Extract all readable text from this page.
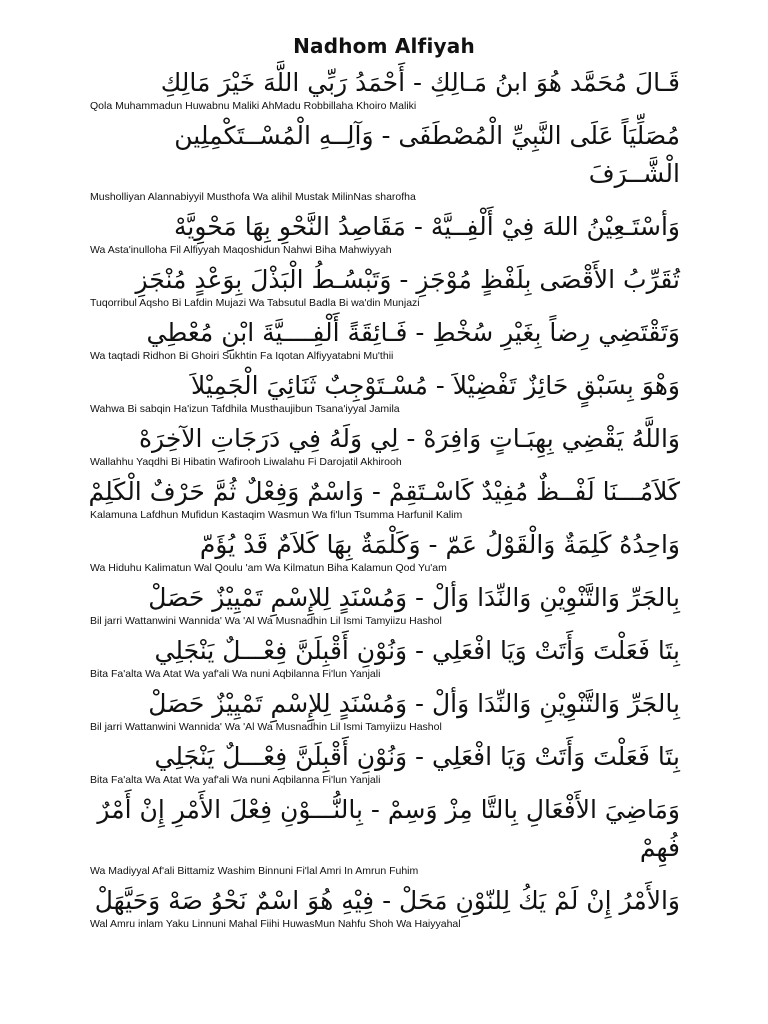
Nadhom Alfiyah

قَـالَ مُحَمَّد هُوَ ابنُ مَـالِكِ - أَحْمَدُ رَبِّي اللَّهَ خَيْرَ مَالِكِ

Qola Muhammadun Huwabnu Maliki AhMadu Robbillaha Khoiro Maliki

مُصَلِّيَاً عَلَى النَّبِيِّ الْمُصْطَفَى - وَآلِــهِ الْمُسْــتَكْمِلِين الْشَّــرَفَ

Musholliyan Alannabiyyil Musthofa Wa alihil Mustak MilinNas sharofha

وَأسْتَـعِيْنُ اللهَ فِيْ أَلْفِــيَّهْ - مَقَاصِدُ النَّحْوِ بِهَا مَحْوِيَّهْ

Wa Asta'inulloha Fil Alfiyyah Maqoshidun Nahwi Biha Mahwiyyah

تُقَرِّبُ الأَقْصَى بِلَفْظٍ مُوْجَزِ - وَتَبْسُـطُ الْبَذْلَ بِوَعْدٍ مُنْجَزِ

Tuqorribul Aqsho Bi Lafdin Mujazi Wa Tabsutul Badla Bi wa'din Munjazi

وَتَقْتَضِي رِضاً بِغَيْرِ سُخْطِ - فَـائِقَةً أَلْفِــــيَّةَ ابْنِ مُعْطِي

Wa taqtadi Ridhon Bi Ghoiri Sukhtin Fa Iqotan Alfiyyatabni Mu'thii

وَهْوَ بِسَبْقٍ حَائِزٌ تَفْضِيْلاَ - مُسْـتَوْجِبٌ ثَنَائِيَ الْجَمِيْلاَ

Wahwa Bi sabqin Ha'izun Tafdhila Musthaujibun Tsana'iyyal Jamila

وَاللَّهُ يَقْضِي بِهِبَـاتٍ وَافِرَهْ - لِي وَلَهُ فِي دَرَجَاتِ الآخِرَهْ

Wallahhu Yaqdhi Bi Hibatin Wafirooh Liwalahu Fi Darojatil Akhirooh

كَلاَمُـــنَا لَفْــظٌ مُفِيْدٌ كَاسْـتَقِمْ - وَاسْمٌ وَفِعْلٌ ثُمَّ حَرْفٌ الْكَلِمْ

Kalamuna Lafdhun Mufidun Kastaqim Wasmun Wa fi'lun Tsumma Harfunil Kalim

وَاحِدُهُ كَلِمَةٌ وَالْقَوْلُ عَمّ - وَكَلْمَةٌ بِهَا كَلاَمٌ قَدْ يُؤَمّ

Wa Hiduhu Kalimatun Wal Qoulu 'am Wa Kilmatun Biha Kalamun Qod Yu'am

بِالجَرِّ وَالتَّنْوِيْنِ وَالنِّدَا وَألْ - وَمُسْنَدٍ لِلإِسْمِ تَمْيِيْزٌ حَصَلْ

Bil jarri Wattanwini Wannida' Wa 'Al Wa Musnadhin Lil Ismi Tamyiizu Hashol

بِتَا فَعَلْتَ وَأَتَتْ وَيَا افْعَلِي - وَنُوْنِ أَقْبِلَنَّ فِعْـــلٌ يَنْجَلِي

Bita Fa'alta Wa Atat Wa yaf'ali Wa nuni Aqbilanna Fi'lun Yanjali

بِالجَرِّ وَالتَّنْوِيْنِ وَالنِّدَا وَألْ - وَمُسْنَدٍ لِلإِسْمِ تَمْيِيْزٌ حَصَلْ

Bil jarri Wattanwini Wannida' Wa 'Al Wa Musnadhin Lil Ismi Tamyiizu Hashol

بِتَا فَعَلْتَ وَأَتَتْ وَيَا افْعَلِي - وَنُوْنِ أَقْبِلَنَّ فِعْـــلٌ يَنْجَلِي

Bita Fa'alta Wa Atat Wa yaf'ali Wa nuni Aqbilanna Fi'lun Yanjali

وَمَاضِيَ الأَفْعَالِ بِالتَّا مِزْ وَسِمْ - بِالنُّـــوْنِ فِعْلَ الأَمْرِ إِنْ أَمْرٌ فُهِمْ

Wa Madiyyal Af'ali Bittamiz Washim Binnuni Fi'lal Amri In Amrun Fuhim

وَالأَمْرُ إِنْ لَمْ يَكُ لِلنّوْنِ مَحَلْ - فِيْهِ هُوَ اسْمٌ نَحْوُ صَهْ وَحَيَّهَلْ

Wal Amru inlam Yaku Linnuni Mahal Fiihi HuwasMun Nahfu Shoh Wa Haiyyahal
